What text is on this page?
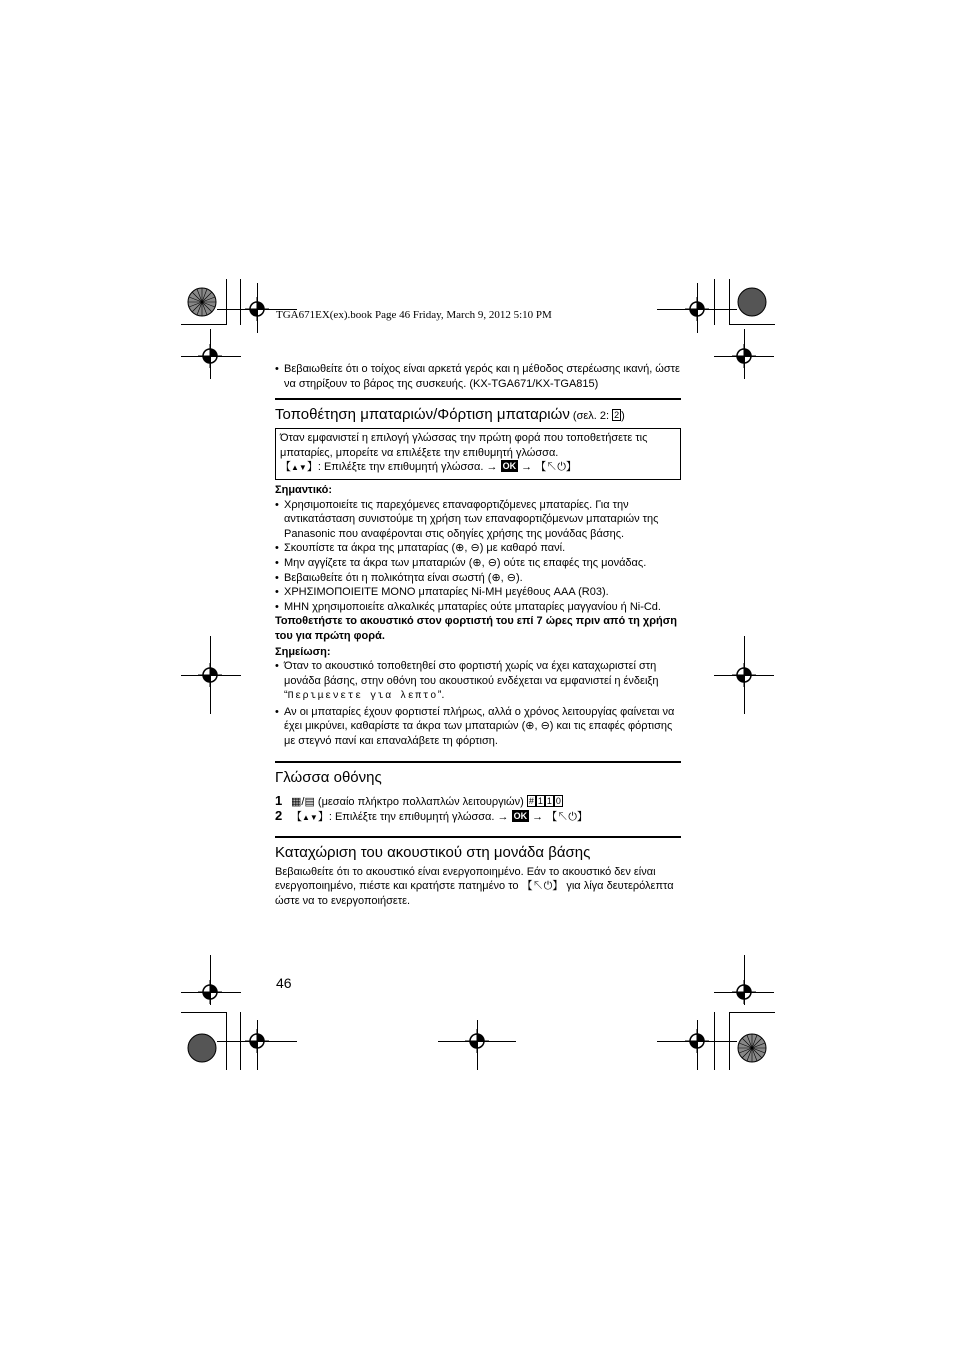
TGA671EX(ex).book Page 46 Friday, March 9, 2012 5:10 PM
• Βεβαιωθείτε ότι ο τοίχος είναι αρκετά γερός και η μέθοδος στερέωσης ικανή, ώστε να στηρίξουν το βάρος της συσκευής. (KX-TGA671/KX-TGA815)
Τοποθέτηση μπαταριών/Φόρτιση μπαταριών (σελ. 2: 2 )
Όταν εμφανιστεί η επιλογή γλώσσας την πρώτη φορά που τοποθετήσετε τις μπαταρίες, μπορείτε να επιλέξετε την επιθυμητή γλώσσα.
【▲▼】: Επιλέξτε την επιθυμητή γλώσσα. → OK → 【↖⏻】
Σημαντικό:
• Χρησιμοποιείτε τις παρεχόμενες επαναφορτιζόμενες μπαταρίες. Για την αντικατάσταση συνιστούμε τη χρήση των επαναφορτιζόμενων μπαταριών της Panasonic που αναφέρονται στις οδηγίες χρήσης της μονάδας βάσης.
• Σκουπίστε τα άκρα της μπαταρίας (⊕, ⊖) με καθαρό πανί.
• Μην αγγίζετε τα άκρα των μπαταριών (⊕, ⊖) ούτε τις επαφές της μονάδας.
• Βεβαιωθείτε ότι η πολικότητα είναι σωστή (⊕, ⊖).
• ΧΡΗΣΙΜΟΠΟΙΕΙΤΕ ΜΟΝΟ μπαταρίες Ni-MH μεγέθους AAA (R03).
• ΜΗΝ χρησιμοποιείτε αλκαλικές μπαταρίες ούτε μπαταρίες μαγγανίου ή Ni-Cd.
Τοποθετήστε το ακουστικό στον φορτιστή του επί 7 ώρες πριν από τη χρήση του για πρώτη φορά.
Σημείωση:
• Όταν το ακουστικό τοποθετηθεί στο φορτιστή χωρίς να έχει καταχωριστεί στη μονάδα βάσης, στην οθόνη του ακουστικού ενδέχεται να εμφανιστεί η ένδειξη “Περιμενετε για λεπτο”.
• Αν οι μπαταρίες έχουν φορτιστεί πλήρως, αλλά ο χρόνος λειτουργίας φαίνεται να έχει μικρύνει, καθαρίστε τα άκρα των μπαταριών (⊕, ⊖) και τις επαφές φόρτισης με στεγνό πανί και επαναλάβετε τη φόρτιση.
Γλώσσα οθόνης
1 ▦/▤ (μεσαίο πλήκτρο πολλαπλών λειτουργιών) # 1 1 0
2 【▲▼】: Επιλέξτε την επιθυμητή γλώσσα. → OK → 【↖⏻】
Καταχώριση του ακουστικού στη μονάδα βάσης
Βεβαιωθείτε ότι το ακουστικό είναι ενεργοποιημένο. Εάν το ακουστικό δεν είναι ενεργοποιημένο, πιέστε και κρατήστε πατημένο το 【↖⏻】 για λίγα δευτερόλεπτα ώστε να το ενεργοποιήσετε.
46
